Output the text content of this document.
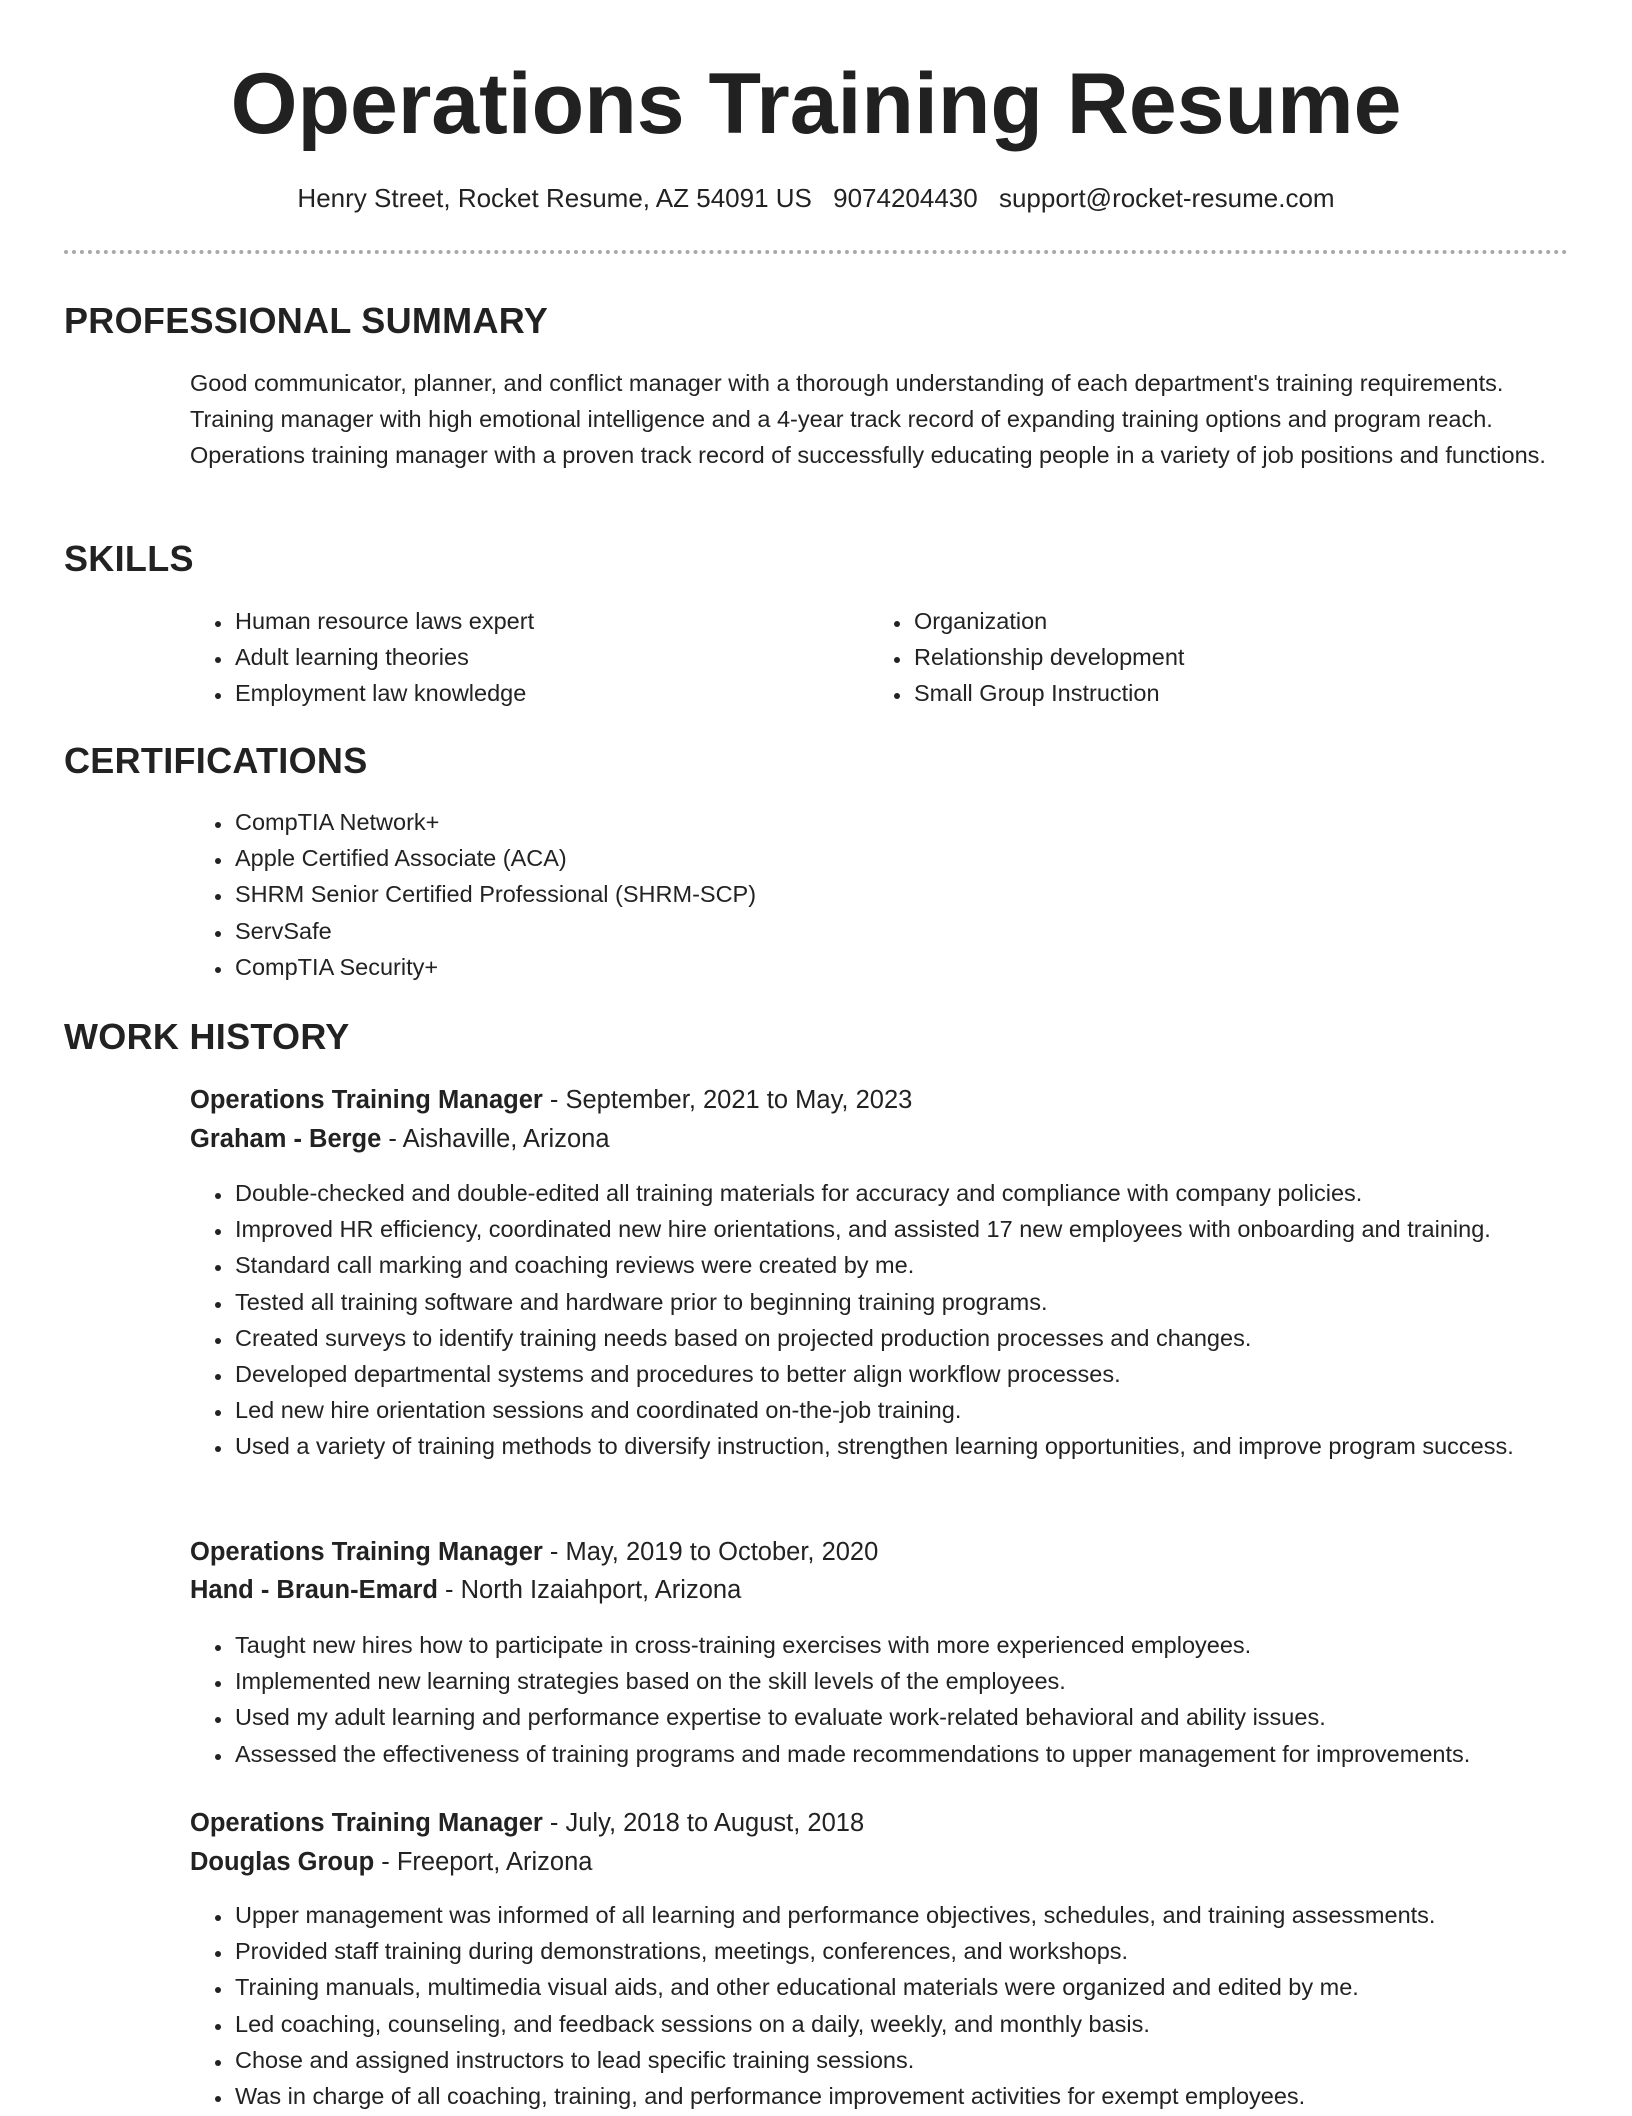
Operations Training Resume
Henry Street, Rocket Resume, AZ 54091 US 9074204430 support@rocket-resume.com
PROFESSIONAL SUMMARY

Good communicator, planner, and conflict manager with a thorough understanding of each department's training requirements. Training manager with high emotional intelligence and a 4-year track record of expanding training options and program reach. Operations training manager with a proven track record of successfully educating people in a variety of job positions and functions.

SKILLS
• Human resource laws expert
• Adult learning theories
• Employment law knowledge
• Organization
• Relationship development
• Small Group Instruction
CERTIFICATIONS
• CompTIA Network+
• Apple Certified Associate (ACA)
• SHRM Senior Certified Professional (SHRM-SCP)
• ServSafe
• CompTIA Security+
WORK HISTORY
Operations Training Manager - September, 2021 to May, 2023
Graham - Berge - Aishaville, Arizona
• Double-checked and double-edited all training materials for accuracy and compliance with company policies.
• Improved HR efficiency, coordinated new hire orientations, and assisted 17 new employees with onboarding and training.
• Standard call marking and coaching reviews were created by me.
• Tested all training software and hardware prior to beginning training programs.
• Created surveys to identify training needs based on projected production processes and changes.
• Developed departmental systems and procedures to better align workflow processes.
• Led new hire orientation sessions and coordinated on-the-job training.
• Used a variety of training methods to diversify instruction, strengthen learning opportunities, and improve program success.
Operations Training Manager - May, 2019 to October, 2020
Hand - Braun-Emard - North Izaiahport, Arizona
• Taught new hires how to participate in cross-training exercises with more experienced employees.
• Implemented new learning strategies based on the skill levels of the employees.
• Used my adult learning and performance expertise to evaluate work-related behavioral and ability issues.
• Assessed the effectiveness of training programs and made recommendations to upper management for improvements.
Operations Training Manager - July, 2018 to August, 2018
Douglas Group - Freeport, Arizona
• Upper management was informed of all learning and performance objectives, schedules, and training assessments.
• Provided staff training during demonstrations, meetings, conferences, and workshops.
• Training manuals, multimedia visual aids, and other educational materials were organized and edited by me.
• Led coaching, counseling, and feedback sessions on a daily, weekly, and monthly basis.
• Chose and assigned instructors to lead specific training sessions.
• Was in charge of all coaching, training, and performance improvement activities for exempt employees.
